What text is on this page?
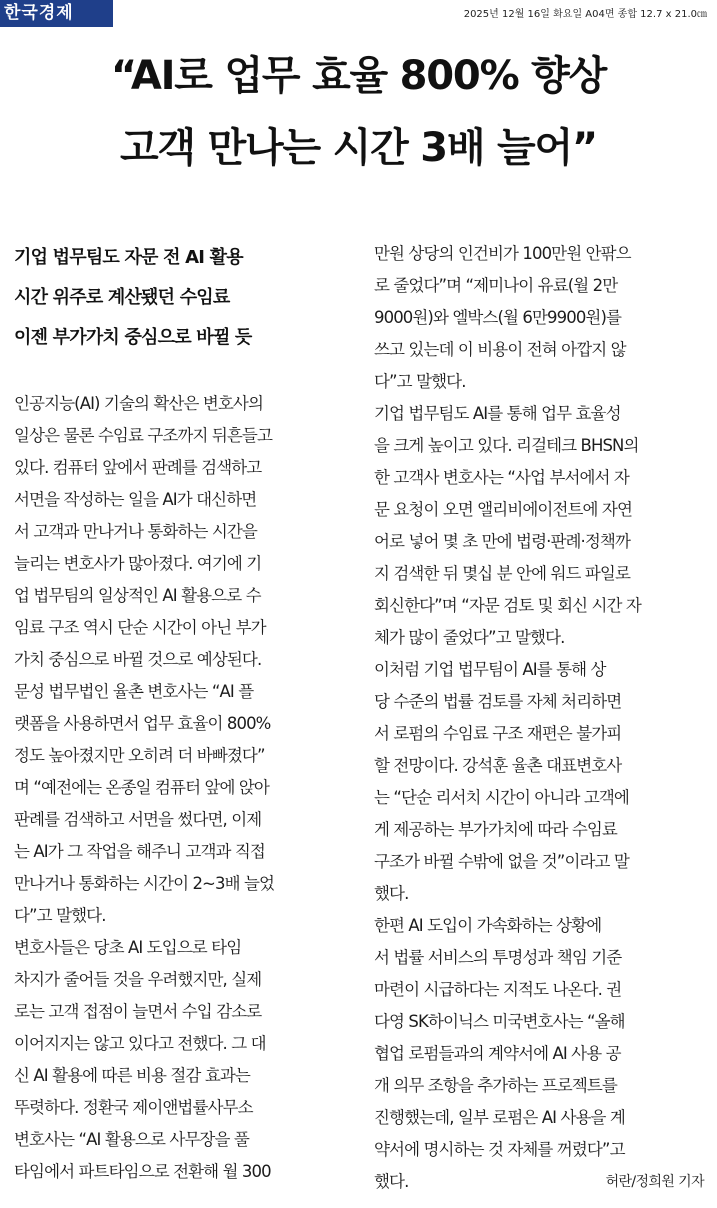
한국경제	2025년 12월 16일 화요일 A04면 종합 12.7 x 21.0㎝
“AI로 업무 효율 800% 향상
고객 만나는 시간 3배 늘어”
기업 법무팀도 자문 전 AI 활용
시간 위주로 계산됐던 수임료
이젠 부가가치 중심으로 바뀔 듯
인공지능(AI) 기술의 확산은 변호사의
일상은 물론 수임료 구조까지 뒤흔들고
있다. 컴퓨터 앞에서 판례를 검색하고
서면을 작성하는 일을 AI가 대신하면
서 고객과 만나거나 통화하는 시간을
늘리는 변호사가 많아졌다. 여기에 기
업 법무팀의 일상적인 AI 활용으로 수
임료 구조 역시 단순 시간이 아닌 부가
가치 중심으로 바뀔 것으로 예상된다.
문성 법무법인 율촌 변호사는 “AI 플
랫폼을 사용하면서 업무 효율이 800%
정도 높아졌지만 오히려 더 바빠졌다”
며 “예전에는 온종일 컴퓨터 앞에 앉아
판례를 검색하고 서면을 썼다면, 이제
는 AI가 그 작업을 해주니 고객과 직접
만나거나 통화하는 시간이 2~3배 늘었
다”고 말했다.
변호사들은 당초 AI 도입으로 타임
차지가 줄어들 것을 우려했지만, 실제
로는 고객 접점이 늘면서 수입 감소로
이어지지는 않고 있다고 전했다. 그 대
신 AI 활용에 따른 비용 절감 효과는
뚜렷하다. 정환국 제이앤법률사무소
변호사는 “AI 활용으로 사무장을 풀
타임에서 파트타임으로 전환해 월 300
만원 상당의 인건비가 100만원 안팎으
로 줄었다”며 “제미나이 유료(월 2만
9000원)와 엘박스(월 6만9900원)를
쓰고 있는데 이 비용이 전혀 아깝지 않
다”고 말했다.
기업 법무팀도 AI를 통해 업무 효율성
을 크게 높이고 있다. 리걸테크 BHSN의
한 고객사 변호사는 “사업 부서에서 자
문 요청이 오면 앨리비에이전트에 자연
어로 넣어 몇 초 만에 법령·판례·정책까
지 검색한 뒤 몇십 분 안에 워드 파일로
회신한다”며 “자문 검토 및 회신 시간 자
체가 많이 줄었다”고 말했다.
이처럼 기업 법무팀이 AI를 통해 상
당 수준의 법률 검토를 자체 처리하면
서 로펌의 수임료 구조 재편은 불가피
할 전망이다. 강석훈 율촌 대표변호사
는 “단순 리서치 시간이 아니라 고객에
게 제공하는 부가가치에 따라 수임료
구조가 바뀔 수밖에 없을 것”이라고 말
했다.
한편 AI 도입이 가속화하는 상황에
서 법률 서비스의 투명성과 책임 기준
마련이 시급하다는 지적도 나온다. 권
다영 SK하이닉스 미국변호사는 “올해
협업 로펌들과의 계약서에 AI 사용 공
개 의무 조항을 추가하는 프로젝트를
진행했는데, 일부 로펌은 AI 사용을 계
약서에 명시하는 것 자체를 꺼렸다”고
했다.	허란/정희원 기자
